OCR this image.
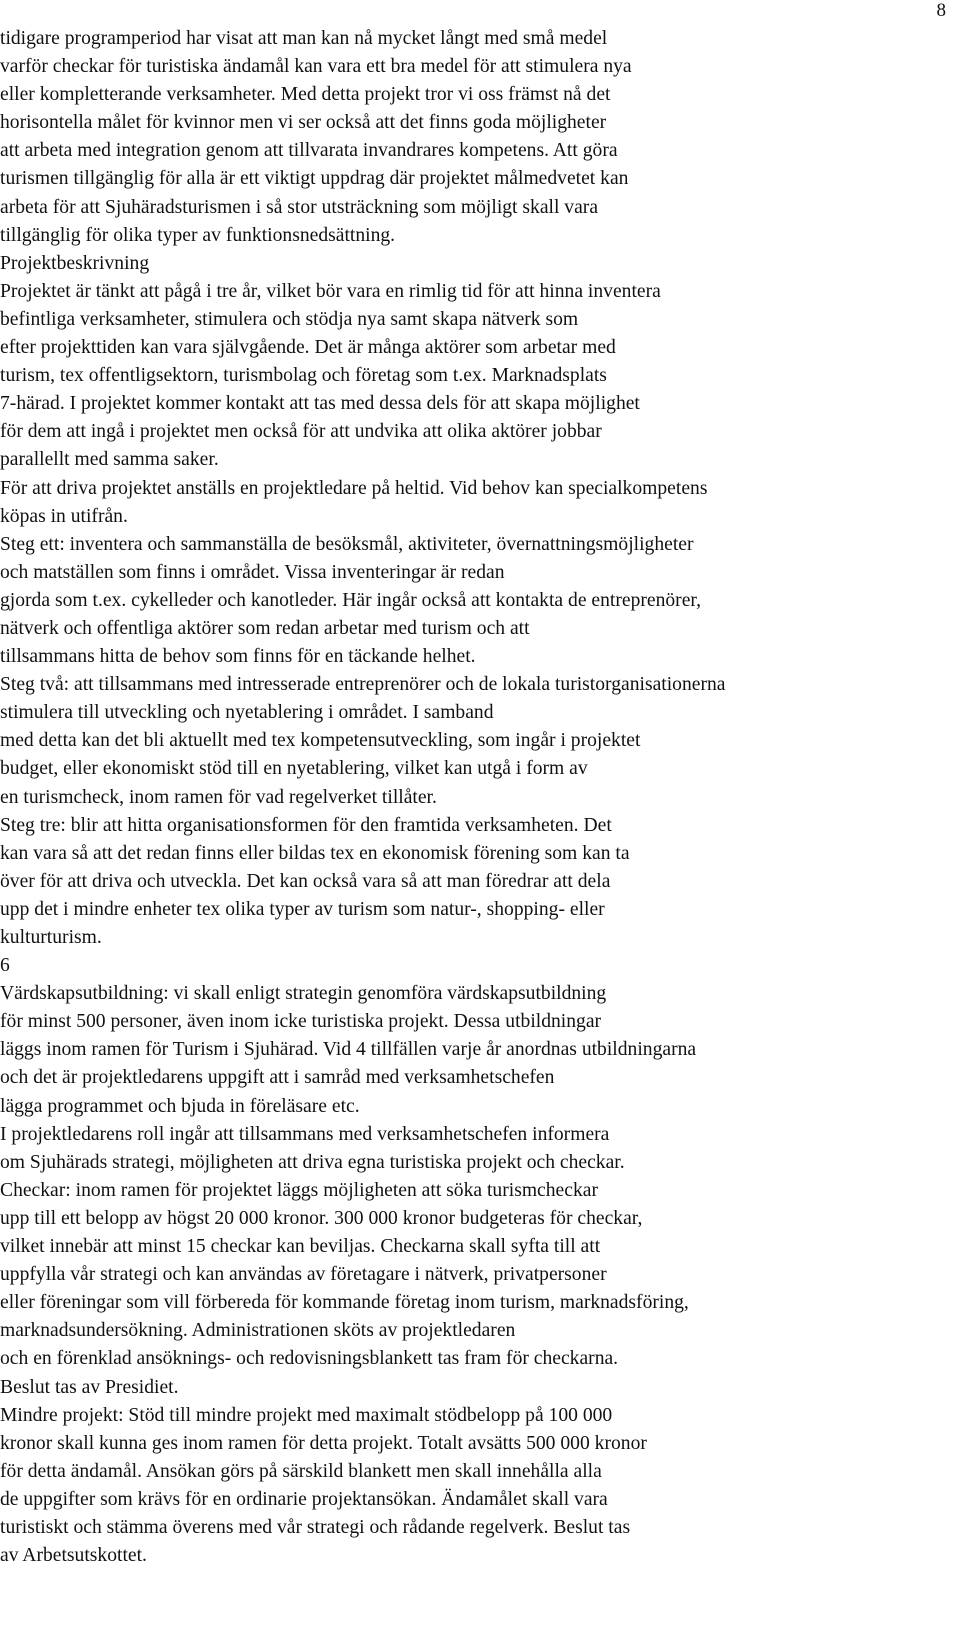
8
tidigare programperiod har visat att man kan nå mycket långt med små medel
varför checkar för turistiska ändamål kan vara ett bra medel för att stimulera nya
eller kompletterande verksamheter. Med detta projekt tror vi oss främst nå det
horisontella målet för kvinnor men vi ser också att det finns goda möjligheter
att arbeta med integration genom att tillvarata invandrares kompetens. Att göra
turismen tillgänglig för alla är ett viktigt uppdrag där projektet målmedvetet kan
arbeta för att Sjuhäradsturismen i så stor utsträckning som möjligt skall vara
tillgänglig för olika typer av funktionsnedsättning.
Projektbeskrivning
Projektet är tänkt att pågå i tre år, vilket bör vara en rimlig tid för att hinna inventera
befintliga verksamheter, stimulera och stödja nya samt skapa nätverk som
efter projekttiden kan vara självgående. Det är många aktörer som arbetar med
turism, tex offentligsektorn, turismbolag och företag som t.ex. Marknadsplats
7-härad. I projektet kommer kontakt att tas med dessa dels för att skapa möjlighet
för dem att ingå i projektet men också för att undvika att olika aktörer jobbar
parallellt med samma saker.
För att driva projektet anställs en projektledare på heltid. Vid behov kan specialkompetens
köpas in utifrån.
Steg ett: inventera och sammanställa de besöksmål, aktiviteter, övernattningsmöjligheter
och matställen som finns i området. Vissa inventeringar är redan
gjorda som t.ex. cykelleder och kanotleder. Här ingår också att kontakta de entreprenörer,
nätverk och offentliga aktörer som redan arbetar med turism och att
tillsammans hitta de behov som finns för en täckande helhet.
Steg två: att tillsammans med intresserade entreprenörer och de lokala turistorganisationerna
stimulera till utveckling och nyetablering i området. I samband
med detta kan det bli aktuellt med tex kompetensutveckling, som ingår i projektet
budget, eller ekonomiskt stöd till en nyetablering, vilket kan utgå i form av
en turismcheck, inom ramen för vad regelverket tillåter.
Steg tre: blir att hitta organisationsformen för den framtida verksamheten. Det
kan vara så att det redan finns eller bildas tex en ekonomisk förening som kan ta
över för att driva och utveckla. Det kan också vara så att man föredrar att dela
upp det i mindre enheter tex olika typer av turism som natur-, shopping- eller
kulturturism.
6
Värdskapsutbildning: vi skall enligt strategin genomföra värdskapsutbildning
för minst 500 personer, även inom icke turistiska projekt. Dessa utbildningar
läggs inom ramen för Turism i Sjuhärad. Vid 4 tillfällen varje år anordnas utbildningarna
och det är projektledarens uppgift att i samråd med verksamhetschefen
lägga programmet och bjuda in föreläsare etc.
I projektledarens roll ingår att tillsammans med verksamhetschefen informera
om Sjuhärads strategi, möjligheten att driva egna turistiska projekt och checkar.
Checkar: inom ramen för projektet läggs möjligheten att söka turismcheckar
upp till ett belopp av högst 20 000 kronor. 300 000 kronor budgeteras för checkar,
vilket innebär att minst 15 checkar kan beviljas. Checkarna skall syfta till att
uppfylla vår strategi och kan användas av företagare i nätverk, privatpersoner
eller föreningar som vill förbereda för kommande företag inom turism, marknadsföring,
marknadsundersökning. Administrationen sköts av projektledaren
och en förenklad ansöknings- och redovisningsblankett tas fram för checkarna.
Beslut tas av Presidiet.
Mindre projekt: Stöd till mindre projekt med maximalt stödbelopp på 100 000
kronor skall kunna ges inom ramen för detta projekt. Totalt avsätts 500 000 kronor
för detta ändamål. Ansökan görs på särskild blankett men skall innehålla alla
de uppgifter som krävs för en ordinarie projektansökan. Ändamålet skall vara
turistiskt och stämma överens med vår strategi och rådande regelverk. Beslut tas
av Arbetsutskottet.
